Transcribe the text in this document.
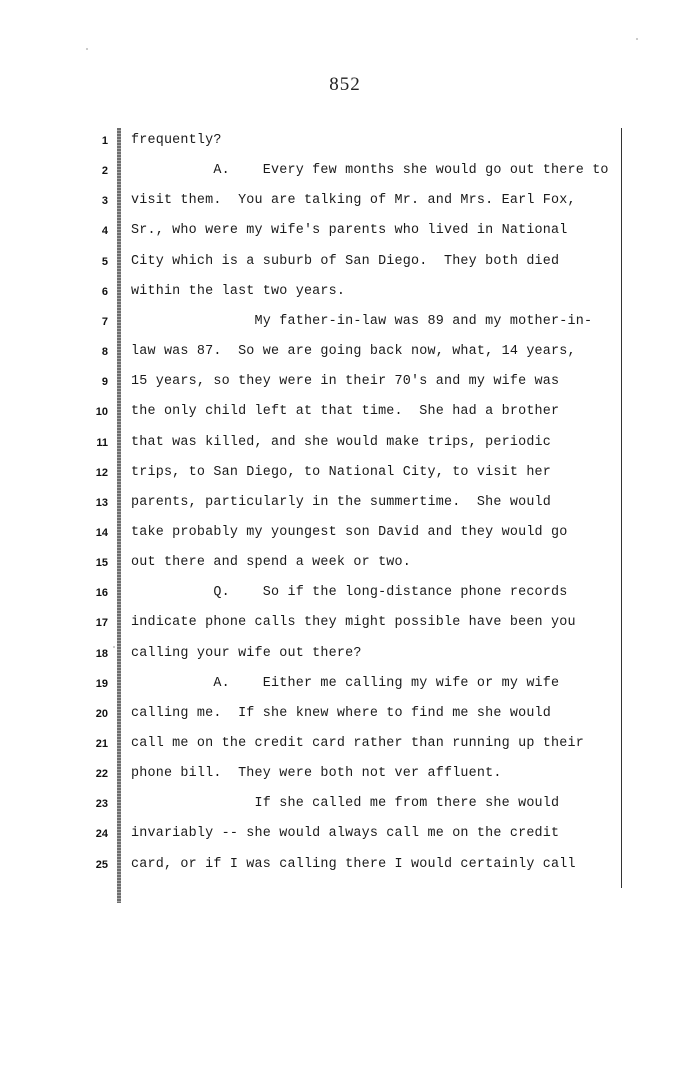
852
1 frequently?
2 A.    Every few months she would go out there to
3 visit them.  You are talking of Mr. and Mrs. Earl Fox,
4 Sr., who were my wife's parents who lived in National
5 City which is a suburb of San Diego.  They both died
6 within the last two years.
7 My father-in-law was 89 and my mother-in-
8 law was 87.  So we are going back now, what, 14 years,
9 15 years, so they were in their 70's and my wife was
10 the only child left at that time.  She had a brother
11 that was killed, and she would make trips, periodic
12 trips, to San Diego, to National City, to visit her
13 parents, particularly in the summertime.  She would
14 take probably my youngest son David and they would go
15 out there and spend a week or two.
16 Q.    So if the long-distance phone records
17 indicate phone calls they might possible have been you
18 calling your wife out there?
19 A.    Either me calling my wife or my wife
20 calling me.  If she knew where to find me she would
21 call me on the credit card rather than running up their
22 phone bill.  They were both not ver affluent.
23 If she called me from there she would
24 invariably -- she would always call me on the credit
25 card, or if I was calling there I would certainly call
